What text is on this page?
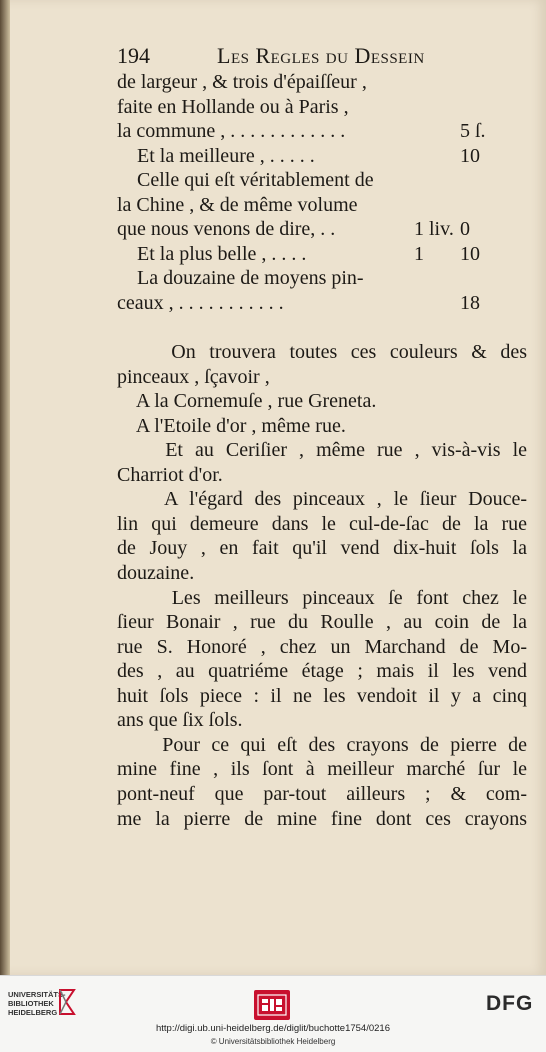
194	Les Regles du Dessein
de largeur , & trois d'épaiſſeur ,
faite en Hollande ou à Paris ,
la commune , . . . . . . . . . . . .	5 ſ.
Et la meilleure , . . . . .	10
Celle qui eſt véritablement de
la Chine , & de même volume
que nous venons de dire, . .	1 liv. 0
Et la plus belle , . . . .	1 10
La douzaine de moyens pin-
ceaux , . . . . . . . . . . .	18
On trouvera toutes ces couleurs & des
pinceaux , ſçavoir ,
A la Cornemuſe , rue Greneta.
A l'Etoile d'or , même rue.
Et au Ceriſier , même rue , vis-à-vis le
Charriot d'or.
A l'égard des pinceaux , le ſieur Douce-
lin qui demeure dans le cul-de-ſac de la rue
de Jouy , en fait qu'il vend dix-huit ſols la
douzaine.
Les meilleurs pinceaux ſe font chez le
ſieur Bonair , rue du Roulle , au coin de la
rue S. Honoré , chez un Marchand de Mo-
des , au quatriéme étage ; mais il les vend
huit ſols piece : il ne les vendoit il y a cinq
ans que ſix ſols.
Pour ce qui eſt des crayons de pierre de
mine fine , ils ſont à meilleur marché ſur le
pont-neuf que par-tout ailleurs ; & com-
me la pierre de mine fine dont ces crayons
UNIVERSITÄTS-BIBLIOTHEK HEIDELBERG	DFG
http://digi.ub.uni-heidelberg.de/diglit/buchotte1754/0216
© Universitätsbibliothek Heidelberg
